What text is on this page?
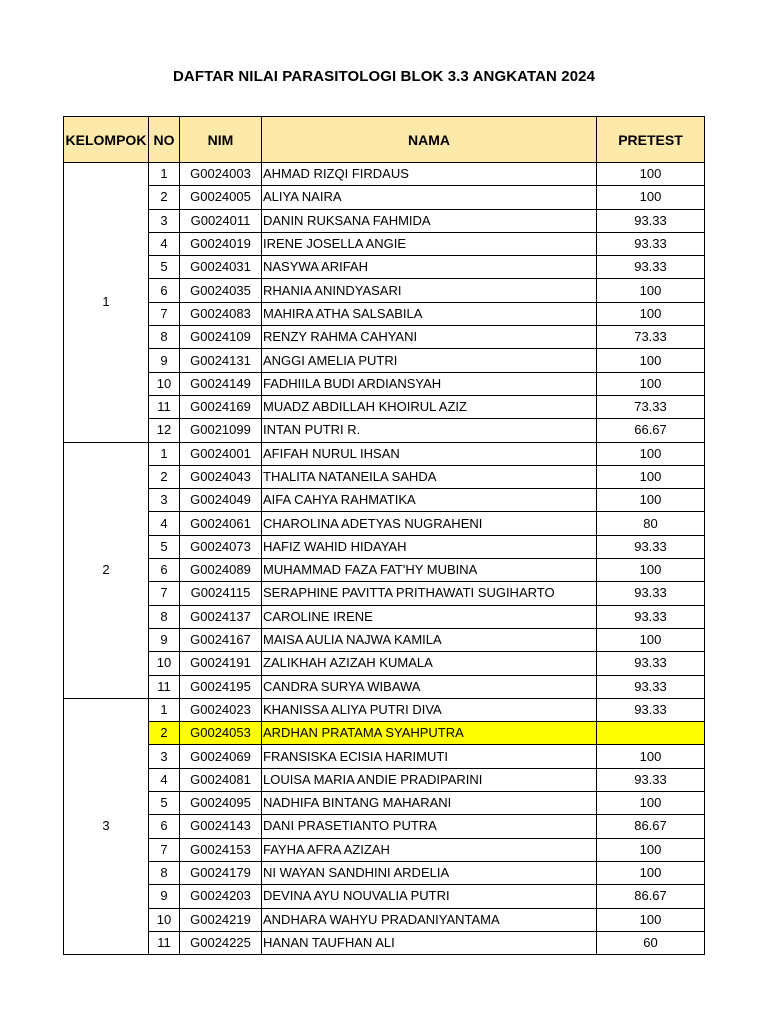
DAFTAR NILAI PARASITOLOGI BLOK 3.3 ANGKATAN 2024
KELOMPOK	NO	NIM	NAMA	PRETEST
1	1	G0024003	AHMAD RIZQI FIRDAUS	100
	2	G0024005	ALIYA NAIRA	100
	3	G0024011	DANIN RUKSANA FAHMIDA	93.33
	4	G0024019	IRENE JOSELLA ANGIE	93.33
	5	G0024031	NASYWA ARIFAH	93.33
	6	G0024035	RHANIA ANINDYASARI	100
	7	G0024083	MAHIRA ATHA SALSABILA	100
	8	G0024109	RENZY RAHMA CAHYANI	73.33
	9	G0024131	ANGGI AMELIA PUTRI	100
	10	G0024149	FADHIILA BUDI ARDIANSYAH	100
	11	G0024169	MUADZ ABDILLAH KHOIRUL AZIZ	73.33
	12	G0021099	INTAN PUTRI R.	66.67
2	1	G0024001	AFIFAH NURUL IHSAN	100
	2	G0024043	THALITA NATANEILA SAHDA	100
	3	G0024049	AIFA CAHYA RAHMATIKA	100
	4	G0024061	CHAROLINA ADETYAS NUGRAHENI	80
	5	G0024073	HAFIZ WAHID HIDAYAH	93.33
	6	G0024089	MUHAMMAD FAZA FAT'HY MUBINA	100
	7	G0024115	SERAPHINE PAVITTA PRITHAWATI SUGIHARTO	93.33
	8	G0024137	CAROLINE IRENE	93.33
	9	G0024167	MAISA AULIA NAJWA KAMILA	100
	10	G0024191	ZALIKHAH AZIZAH KUMALA	93.33
	11	G0024195	CANDRA SURYA WIBAWA	93.33
3	1	G0024023	KHANISSA ALIYA PUTRI DIVA	93.33
	2	G0024053	ARDHAN PRATAMA SYAHPUTRA	
	3	G0024069	FRANSISKA ECISIA HARIMUTI	100
	4	G0024081	LOUISA MARIA ANDIE PRADIPARINI	93.33
	5	G0024095	NADHIFA BINTANG MAHARANI	100
	6	G0024143	DANI PRASETIANTO PUTRA	86.67
	7	G0024153	FAYHA AFRA AZIZAH	100
	8	G0024179	NI WAYAN SANDHINI ARDELIA	100
	9	G0024203	DEVINA AYU NOUVALIA PUTRI	86.67
	10	G0024219	ANDHARA WAHYU PRADANIYANTAMA	100
	11	G0024225	HANAN TAUFHAN ALI	60
